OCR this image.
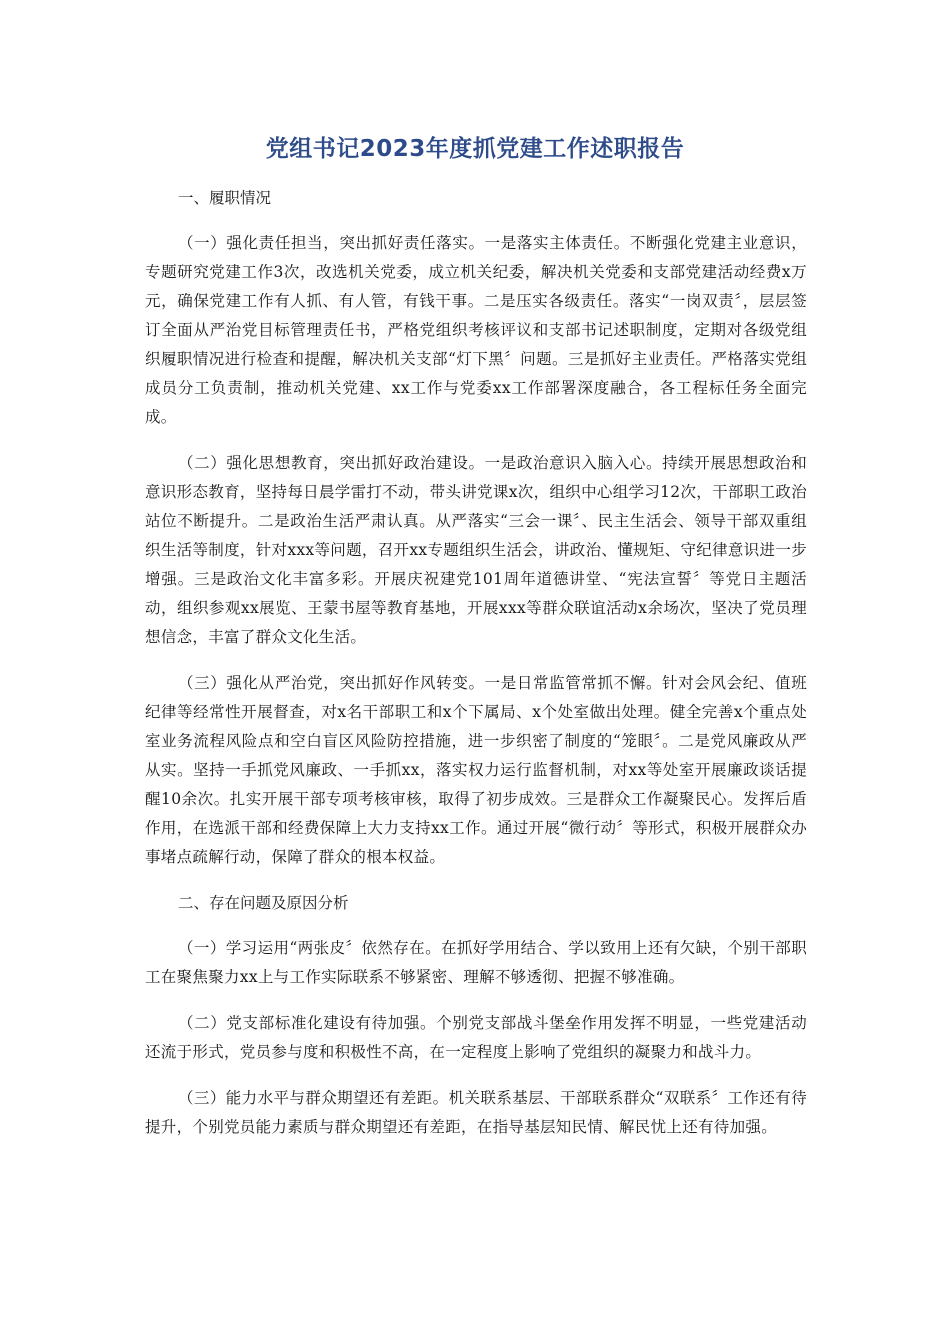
党组书记2023年度抓党建工作述职报告

一、履职情况

（一）强化责任担当，突出抓好责任落实。一是落实主体责任。不断强化党建主业意识，专题研究党建工作3次，改选机关党委，成立机关纪委，解决机关党委和支部党建活动经费x万元，确保党建工作有人抓、有人管，有钱干事。二是压实各级责任。落实“一岗双责〞，层层签订全面从严治党目标管理责任书，严格党组织考核评议和支部书记述职制度，定期对各级党组织履职情况进行检查和提醒，解决机关支部“灯下黑〞问题。三是抓好主业责任。严格落实党组成员分工负责制，推动机关党建、xx工作与党委xx工作部署深度融合，各工程标任务全面完成。

（二）强化思想教育，突出抓好政治建设。一是政治意识入脑入心。持续开展思想政治和意识形态教育，坚持每日晨学雷打不动，带头讲党课x次，组织中心组学习12次，干部职工政治站位不断提升。二是政治生活严肃认真。从严落实“三会一课〞、民主生活会、领导干部双重组织生活等制度，针对xxx等问题，召开xx专题组织生活会，讲政治、懂规矩、守纪律意识进一步增强。三是政治文化丰富多彩。开展庆祝建党101周年道德讲堂、“宪法宣誓〞等党日主题活动，组织参观xx展览、王蒙书屋等教育基地，开展xxx等群众联谊活动x余场次，坚决了党员理想信念，丰富了群众文化生活。

（三）强化从严治党，突出抓好作风转变。一是日常监管常抓不懈。针对会风会纪、值班纪律等经常性开展督查，对x名干部职工和x个下属局、x个处室做出处理。健全完善x个重点处室业务流程风险点和空白盲区风险防控措施，进一步织密了制度的“笼眼〞。二是党风廉政从严从实。坚持一手抓党风廉政、一手抓xx，落实权力运行监督机制，对xx等处室开展廉政谈话提醒10余次。扎实开展干部专项考核审核，取得了初步成效。三是群众工作凝聚民心。发挥后盾作用，在选派干部和经费保障上大力支持xx工作。通过开展“微行动〞等形式，积极开展群众办事堵点疏解行动，保障了群众的根本权益。

二、存在问题及原因分析

（一）学习运用“两张皮〞依然存在。在抓好学用结合、学以致用上还有欠缺，个别干部职工在聚焦聚力xx上与工作实际联系不够紧密、理解不够透彻、把握不够准确。

（二）党支部标准化建设有待加强。个别党支部战斗堡垒作用发挥不明显，一些党建活动还流于形式，党员参与度和积极性不高，在一定程度上影响了党组织的凝聚力和战斗力。

（三）能力水平与群众期望还有差距。机关联系基层、干部联系群众“双联系〞工作还有待提升，个别党员能力素质与群众期望还有差距，在指导基层知民情、解民忧上还有待加强。
